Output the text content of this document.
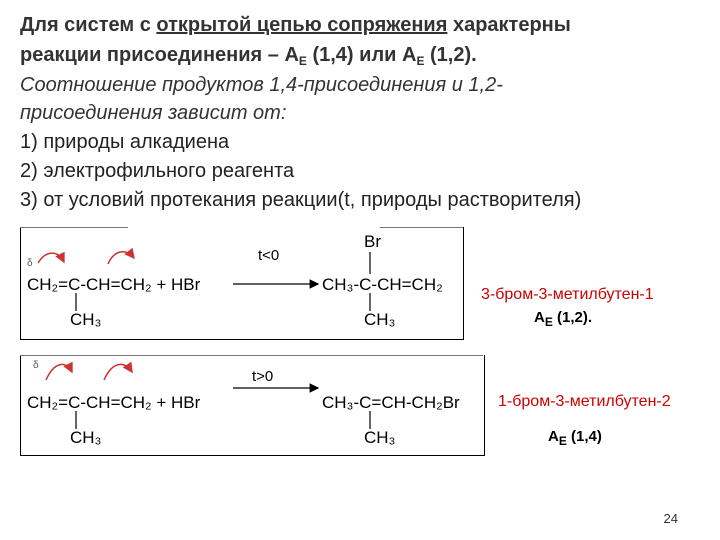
Для систем с открытой цепью сопряжения характерны
реакции присоединения – $А_Е$ (1,4) или $А_Е$ (1,2).
Соотношение продуктов 1,4-присоединения и 1,2-
присоединения зависит от:
1) природы алкадиена
2) электрофильного реагента
3) от условий протекания реакции(t, природы растворителя)
δ
CH₂=C-CH=CH₂ + HBr
CH₃
t<0
Br
CH₃-C-CH=CH₂
CH₃
3-бром-3-метилбутен-1
$А_Е$ (1,2).
δ
CH₂=C-CH=CH₂ + HBr
CH₃
t>0
CH₃-C=CH-CH₂Br
CH₃
1-бром-3-метилбутен-2
$А_Е$ (1,4)
24
